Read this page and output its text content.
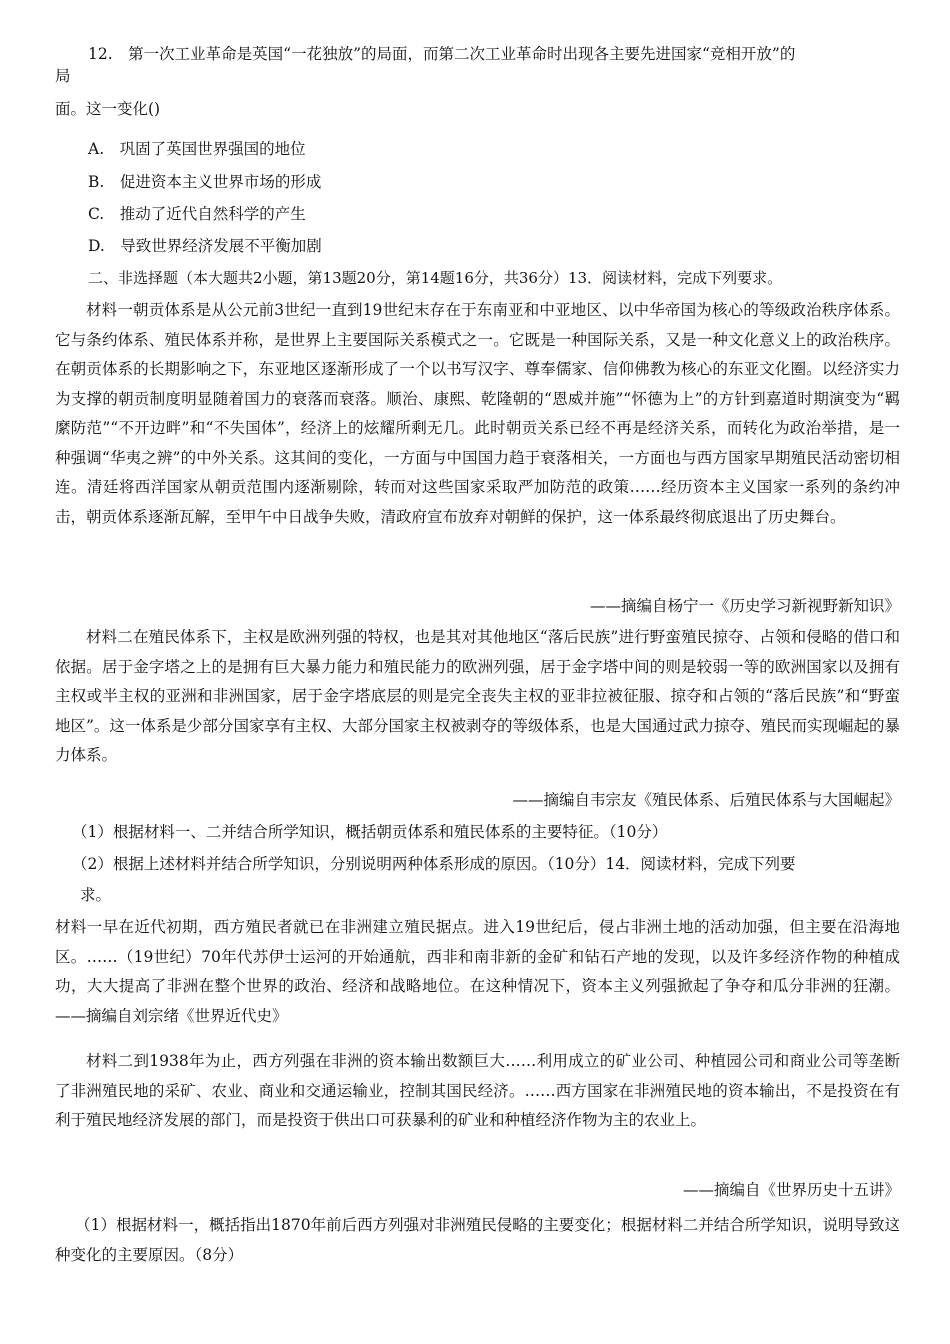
12.　第一次工业革命是英国“一花独放”的局面，而第二次工业革命时出现各主要先进国家“竞相开放”的
局
面。这一变化()
A.　巩固了英国世界强国的地位
B.　促进资本主义世界市场的形成
C.　推动了近代自然科学的产生
D.　导致世界经济发展不平衡加剧
二、非选择题（本大题共2小题，第13题20分，第14题16分，共36分）13．阅读材料，完成下列要求。

材料一朝贡体系是从公元前3世纪一直到19世纪末存在于东南亚和中亚地区、以中华帝国为核心的等级政治秩序体系。它与条约体系、殖民体系并称，是世界上主要国际关系模式之一。它既是一种国际关系，又是一种文化意义上的政治秩序。在朝贡体系的长期影响之下，东亚地区逐渐形成了一个以书写汉字、尊奉儒家、信仰佛教为核心的东亚文化圈。以经济实力为支撑的朝贡制度明显随着国力的衰落而衰落。顺治、康熙、乾隆朝的“恩威并施”“怀德为上”的方针到嘉道时期演变为“羁縻防范”“不开边畔”和“不失国体”，经济上的炫耀所剩无几。此时朝贡关系已经不再是经济关系，而转化为政治举措，是一种强调“华夷之辨”的中外关系。这其间的变化，一方面与中国国力趋于衰落相关，一方面也与西方国家早期殖民活动密切相连。清廷将西洋国家从朝贡范围内逐渐剔除，转而对这些国家采取严加防范的政策……经历资本主义国家一系列的条约冲击，朝贡体系逐渐瓦解，至甲午中日战争失败，清政府宣布放弃对朝鲜的保护，这一体系最终彻底退出了历史舞台。

——摘编自杨宁一《历史学习新视野新知识》

材料二在殖民体系下，主权是欧洲列强的特权，也是其对其他地区“落后民族”进行野蛮殖民掠夺、占领和侵略的借口和依据。居于金字塔之上的是拥有巨大暴力能力和殖民能力的欧洲列强，居于金字塔中间的则是较弱一等的欧洲国家以及拥有主权或半主权的亚洲和非洲国家，居于金字塔底层的则是完全丧失主权的亚非拉被征服、掠夺和占领的“落后民族”和“野蛮地区”。这一体系是少部分国家享有主权、大部分国家主权被剥夺的等级体系，也是大国通过武力掠夺、殖民而实现崛起的暴力体系。

——摘编自韦宗友《殖民体系、后殖民体系与大国崛起》
（1）根据材料一、二并结合所学知识，概括朝贡体系和殖民体系的主要特征。（10分）
（2）根据上述材料并结合所学知识，分别说明两种体系形成的原因。（10分）14．阅读材料，完成下列要
求。

材料一早在近代初期，西方殖民者就已在非洲建立殖民据点。进入19世纪后，侵占非洲土地的活动加强，但主要在沿海地区。……（19世纪）70年代苏伊士运河的开始通航，西非和南非新的金矿和钻石产地的发现，以及许多经济作物的种植成功，大大提高了非洲在整个世界的政治、经济和战略地位。在这种情况下，资本主义列强掀起了争夺和瓜分非洲的狂潮。——摘编自刘宗绪《世界近代史》

材料二到1938年为止，西方列强在非洲的资本输出数额巨大……利用成立的矿业公司、种植园公司和商业公司等垄断了非洲殖民地的采矿、农业、商业和交通运输业，控制其国民经济。……西方国家在非洲殖民地的资本输出，不是投资在有利于殖民地经济发展的部门，而是投资于供出口可获暴利的矿业和种植经济作物为主的农业上。

——摘编自《世界历史十五讲》

（1）根据材料一，概括指出1870年前后西方列强对非洲殖民侵略的主要变化；根据材料二并结合所学知识，说明导致这种变化的主要原因。（8分）
